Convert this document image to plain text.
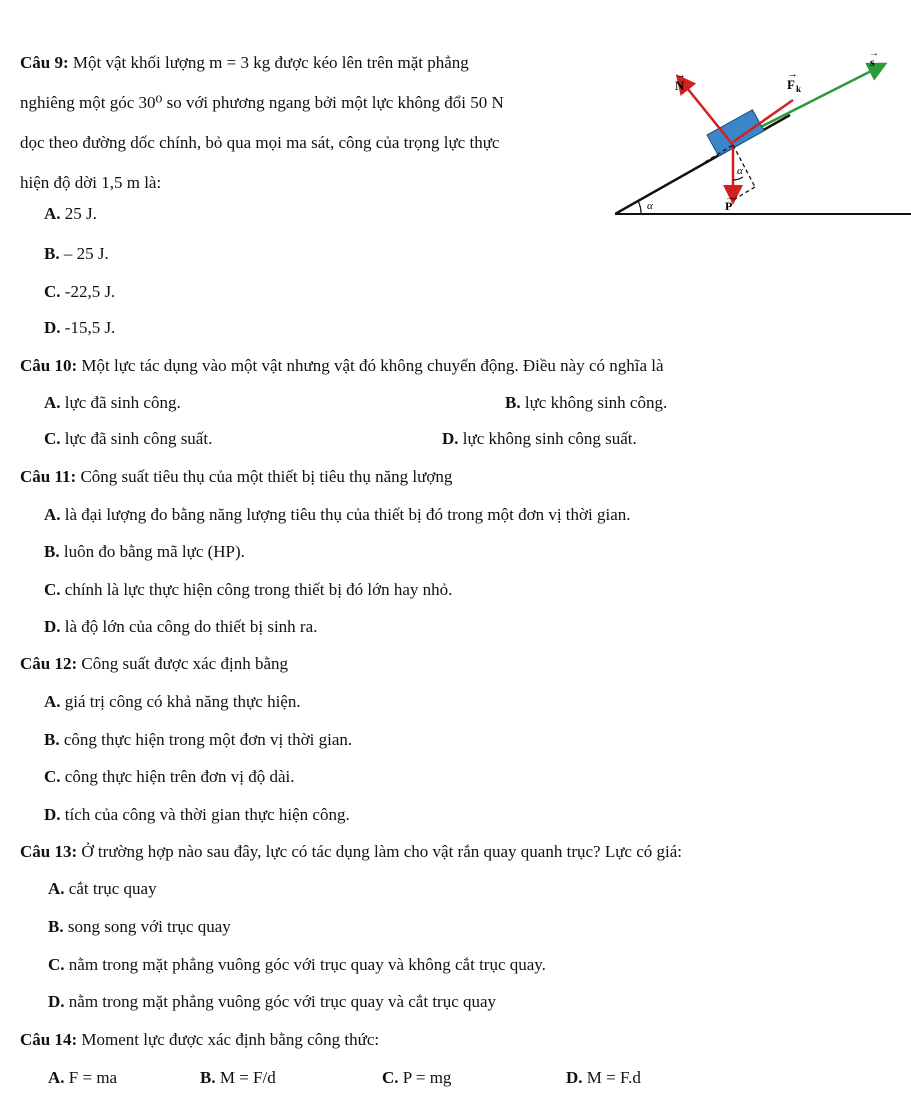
Câu 9: Một vật khối lượng m = 3 kg được kéo lên trên mặt phẳng
nghiêng một góc 30⁰ so với phương ngang bởi một lực không đổi 50 N
dọc theo đường dốc chính, bỏ qua mọi ma sát, công của trọng lực thực
hiện độ dời 1,5 m là:
A. 25 J.
B. – 25 J.
C. -22,5 J.
D. -15,5 J.
N
→
F k
→
s
→
P
→
α
α
Câu 10: Một lực tác dụng vào một vật nhưng vật đó không chuyển động. Điều này có nghĩa là
A. lực đã sinh công.	B. lực không sinh công.
C. lực đã sinh công suất.	D. lực không sinh công suất.
Câu 11: Công suất tiêu thụ của một thiết bị tiêu thụ năng lượng
A. là đại lượng đo bằng năng lượng tiêu thụ của thiết bị đó trong một đơn vị thời gian.
B. luôn đo bằng mã lực (HP).
C. chính là lực thực hiện công trong thiết bị đó lớn hay nhỏ.
D. là độ lớn của công do thiết bị sinh ra.
Câu 12: Công suất được xác định bằng
A. giá trị công có khả năng thực hiện.
B. công thực hiện trong một đơn vị thời gian.
C. công thực hiện trên đơn vị độ dài.
D. tích của công và thời gian thực hiện công.
Câu 13: Ở trường hợp nào sau đây, lực có tác dụng làm cho vật rắn quay quanh trục? Lực có giá:
A. cắt trục quay
B. song song với trục quay
C. nằm trong mặt phẳng vuông góc với trục quay và không cắt trục quay.
D. nằm trong mặt phẳng vuông góc với trục quay và cắt trục quay
Câu 14: Moment lực được xác định bằng công thức:
A. F = ma	B. M = F/d	C. P = mg	D. M = F.d
